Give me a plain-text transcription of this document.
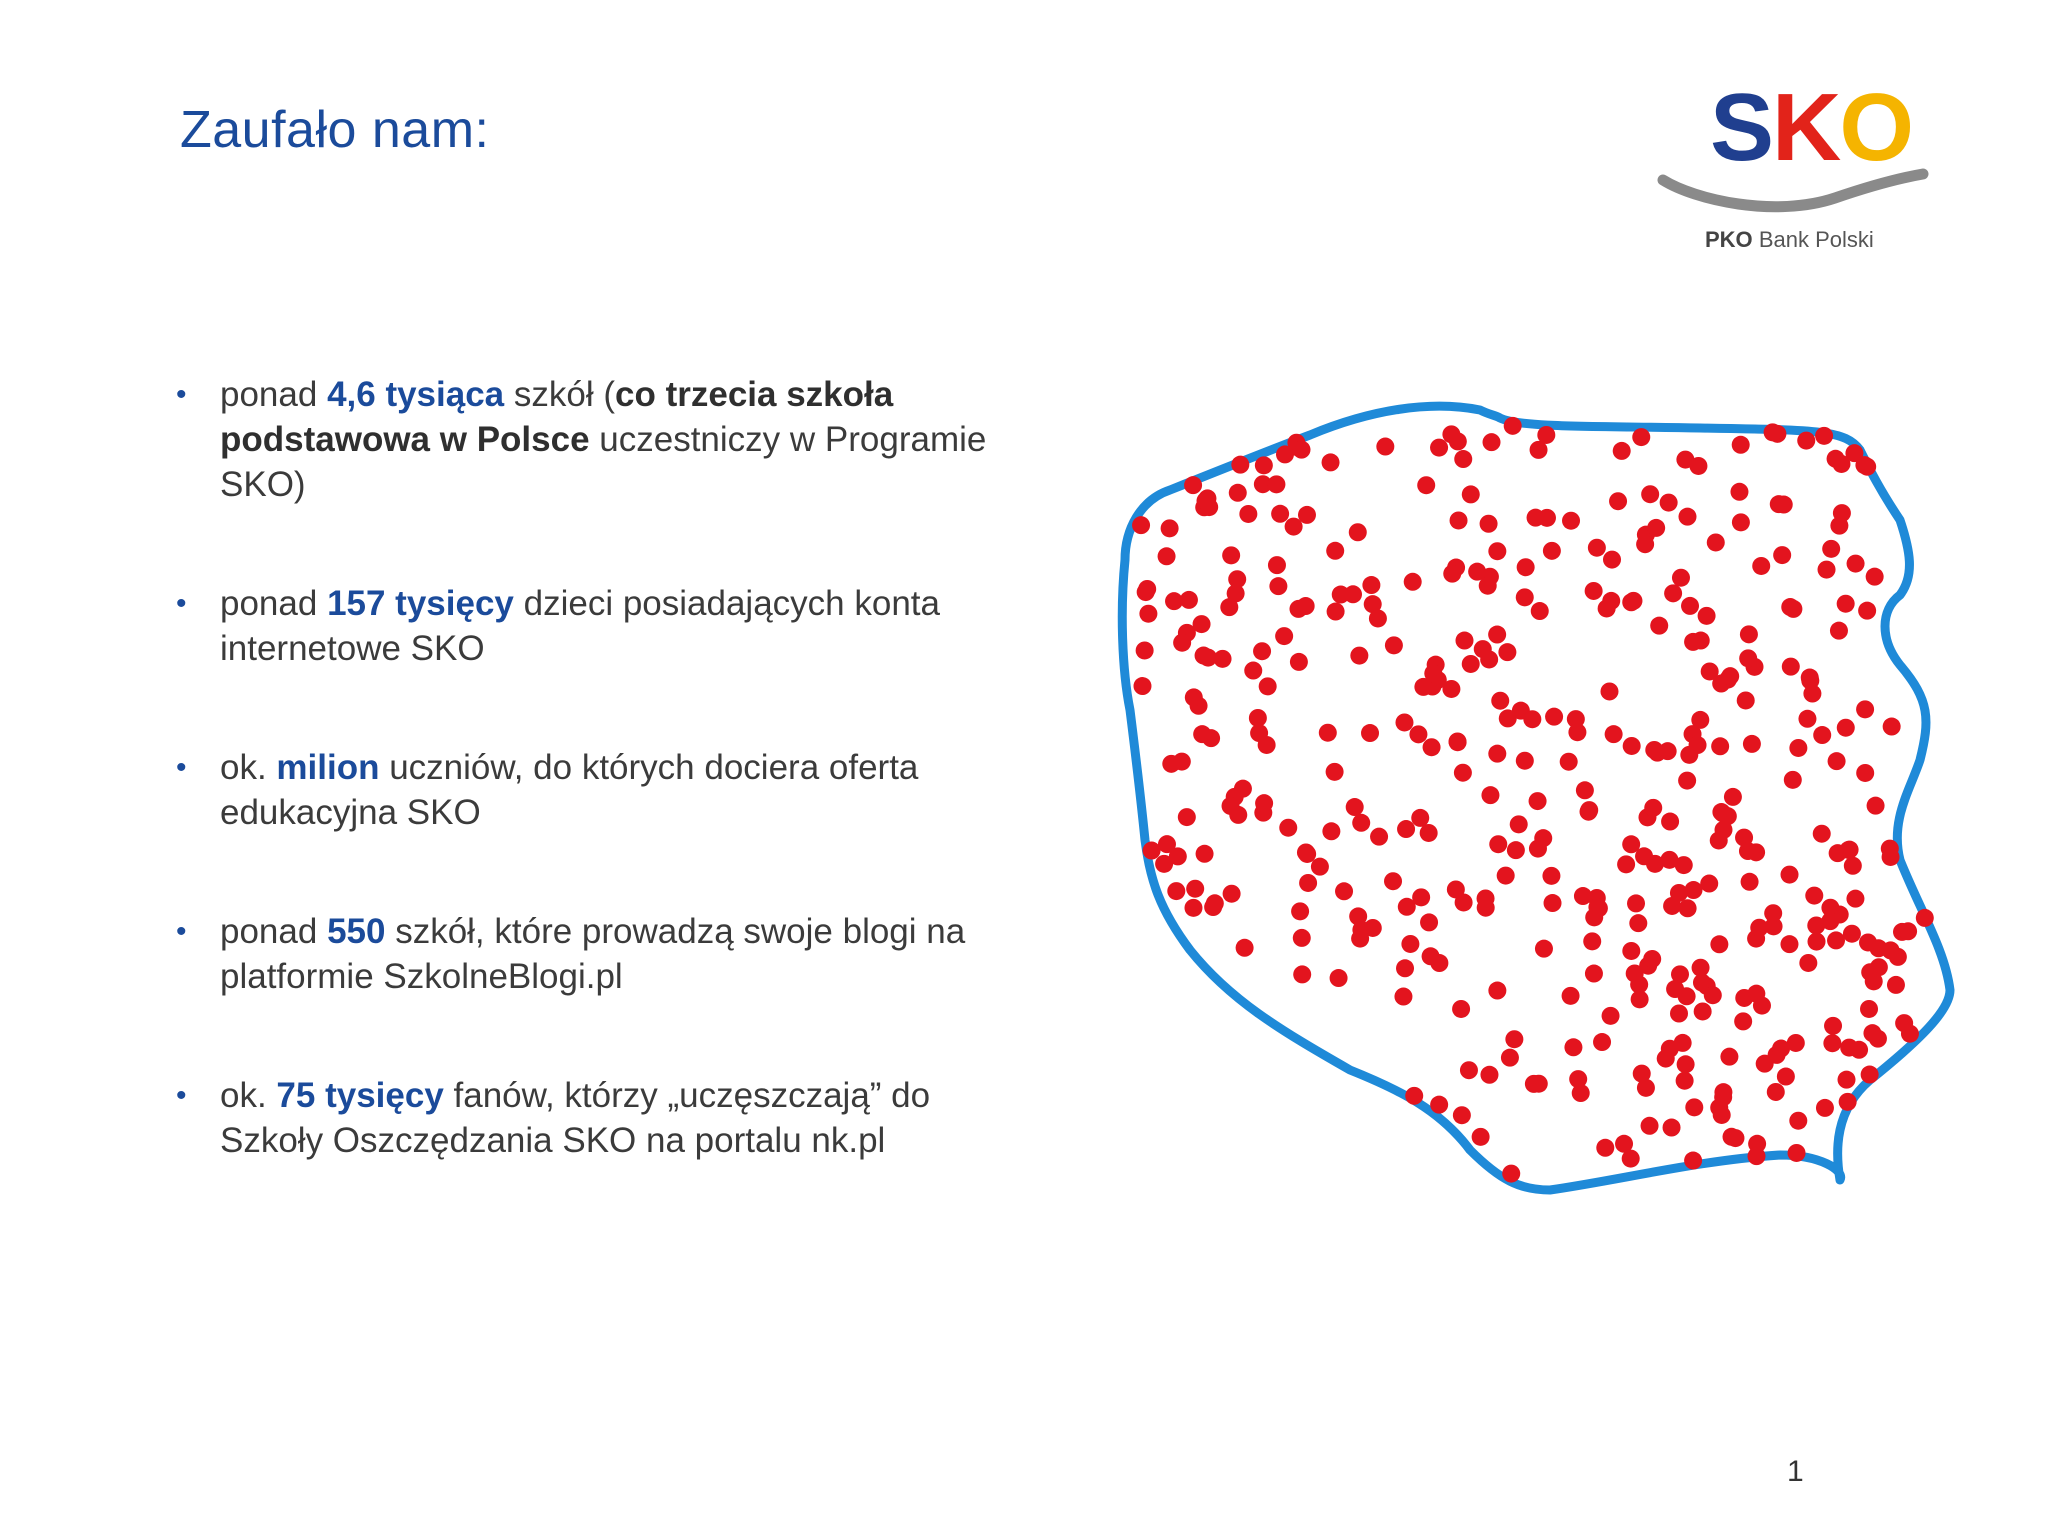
Zaufało nam:	SKO
PKO Bank Polski
• ponad 4,6 tysiąca szkół (co trzecia szkoła podstawowa w Polsce uczestniczy w Programie SKO)
• ponad 157 tysięcy dzieci posiadających konta internetowe SKO
• ok. milion uczniów, do których dociera oferta edukacyjna SKO
• ponad 550 szkół, które prowadzą swoje blogi na platformie SzkolneBlogi.pl
• ok. 75 tysięcy fanów, którzy „uczęszczają” do Szkoły Oszczędzania SKO na portalu nk.pl
1
